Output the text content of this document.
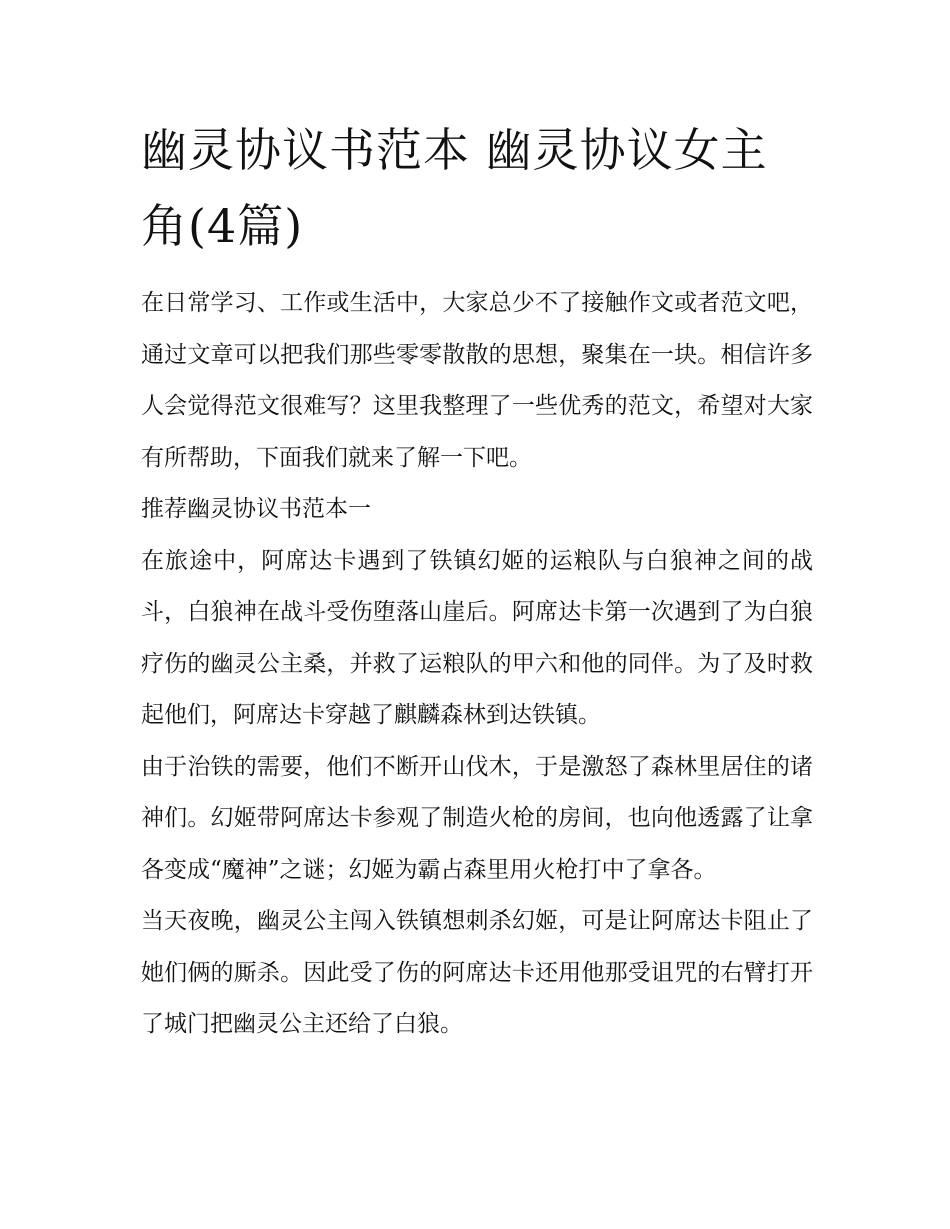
幽灵协议书范本 幽灵协议女主角(4篇)

在日常学习、工作或生活中，大家总少不了接触作文或者范文吧，通过文章可以把我们那些零零散散的思想，聚集在一块。相信许多人会觉得范文很难写？这里我整理了一些优秀的范文，希望对大家有所帮助，下面我们就来了解一下吧。

推荐幽灵协议书范本一

在旅途中，阿席达卡遇到了铁镇幻姬的运粮队与白狼神之间的战斗，白狼神在战斗受伤堕落山崖后。阿席达卡第一次遇到了为白狼疗伤的幽灵公主桑，并救了运粮队的甲六和他的同伴。为了及时救起他们，阿席达卡穿越了麒麟森林到达铁镇。

由于治铁的需要，他们不断开山伐木，于是激怒了森林里居住的诸神们。幻姬带阿席达卡参观了制造火枪的房间，也向他透露了让拿各变成“魔神”之谜；幻姬为霸占森里用火枪打中了拿各。

当天夜晚，幽灵公主闯入铁镇想刺杀幻姬，可是让阿席达卡阻止了她们俩的厮杀。因此受了伤的阿席达卡还用他那受诅咒的右臂打开了城门把幽灵公主还给了白狼。
